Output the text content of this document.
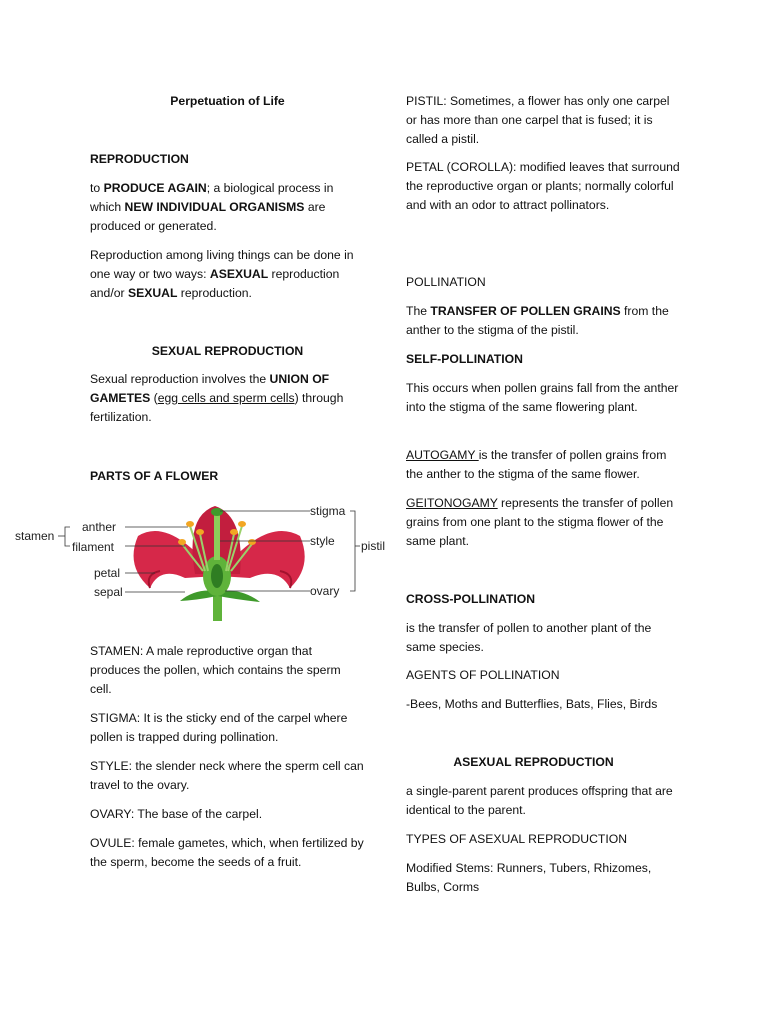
Perpetuation of Life

REPRODUCTION

to PRODUCE AGAIN; a biological process in which NEW INDIVIDUAL ORGANISMS are produced or generated.

Reproduction among living things can be done in one way or two ways: ASEXUAL reproduction and/or SEXUAL reproduction.

SEXUAL REPRODUCTION

Sexual reproduction involves the UNION OF GAMETES (egg cells and sperm cells) through fertilization.

PARTS OF A FLOWER

STAMEN: A male reproductive organ that produces the pollen, which contains the sperm cell.

STIGMA: It is the sticky end of the carpel where pollen is trapped during pollination.

STYLE: the slender neck where the sperm cell can travel to the ovary.

OVARY: The base of the carpel.

OVULE: female gametes, which, when fertilized by the sperm, become the seeds of a fruit.

stamen
anther
filament
petal
sepal
stigma
style
ovary
pistil

PISTIL: Sometimes, a flower has only one carpel or has more than one carpel that is fused; it is called a pistil.

PETAL (COROLLA): modified leaves that surround the reproductive organ or plants; normally colorful and with an odor to attract pollinators.

POLLINATION

The TRANSFER OF POLLEN GRAINS from the anther to the stigma of the pistil.

SELF-POLLINATION

This occurs when pollen grains fall from the anther into the stigma of the same flowering plant.

AUTOGAMY is the transfer of pollen grains from the anther to the stigma of the same flower.

GEITONOGAMY represents the transfer of pollen grains from one plant to the stigma flower of the same plant.

CROSS-POLLINATION

is the transfer of pollen to another plant of the same species.

AGENTS OF POLLINATION

-Bees, Moths and Butterflies, Bats, Flies, Birds

ASEXUAL REPRODUCTION

a single-parent parent produces offspring that are identical to the parent.

TYPES OF ASEXUAL REPRODUCTION

Modified Stems: Runners, Tubers, Rhizomes, Bulbs, Corms
